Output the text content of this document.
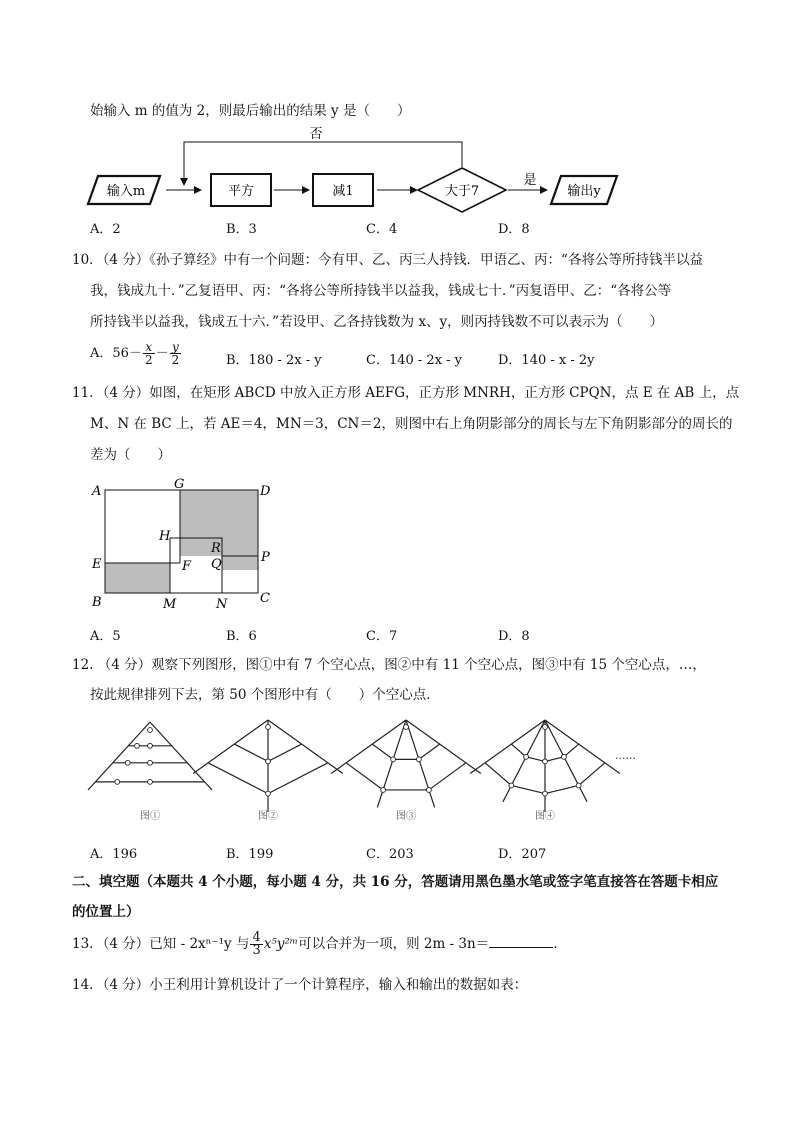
始输入 m 的值为 2，则最后输出的结果 y 是（　　）
否
输入m	平方	减1	大于7
是
输出y
A．2	B．3	C．4	D．8
10．（4 分）《孙子算经》中有一个问题：今有甲、乙、丙三人持钱．甲语乙、丙：“各将公等所持钱半以益
我，钱成九十．”乙复语甲、丙：“各将公等所持钱半以益我，钱成七十．”丙复语甲、乙：“各将公等
所持钱半以益我，钱成五十六．”若设甲、乙各持钱数为 x、y，则丙持钱数不可以表示为（　　）
A．$56- \frac{x}{2} - \frac{y}{2}$	B．180 - 2x - y	C．140 - 2x - y	D．140 - x - 2y
11．（4 分）如图，在矩形 ABCD 中放入正方形 AEFG，正方形 MNRH，正方形 CPQN，点 E 在 AB 上，点
M、N 在 BC 上，若 AE＝4，MN＝3，CN＝2，则图中右上角阴影部分的周长与左下角阴影部分的周长的
差为（　　）
A	G	D
H
R
E	F Q	P
B	M	N	C
A．5	B．6	C．7	D．8
12. （4 分）观察下列图形，图①中有 7 个空心点，图②中有 11 个空心点，图③中有 15 个空心点，…，
按此规律排列下去，第 50 个图形中有（　　）个空心点．
图①	图②	图③	图④
......
A．196	B．199	C．203	D．207
二、填空题（本题共 4 个小题，每小题 4 分，共 16 分，答题请用黑色墨水笔或签字笔直接答在答题卡相应
的位置上）
13．（4 分）已知 - 2xⁿ⁻¹y 与 $\frac{4}{3}$ x⁵y²ᵐ可以合并为一项，则 2m - 3n＝	．
14．（4 分）小王利用计算机设计了一个计算程序，输入和输出的数据如表：
